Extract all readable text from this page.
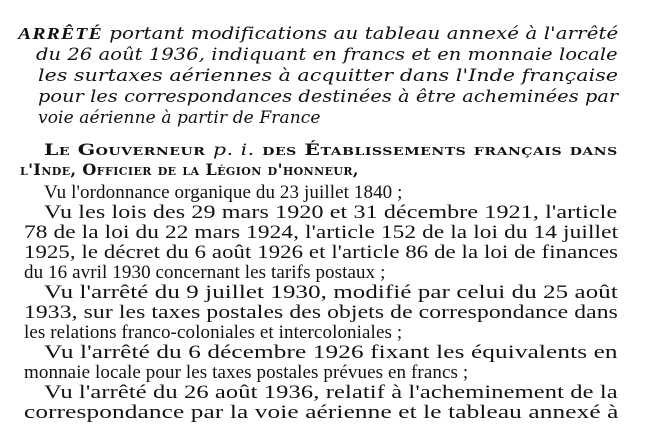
ARRÊTÉ portant modifications au tableau annexé à l'arrêté
du 26 août 1936, indiquant en francs et en monnaie locale
les surtaxes aériennes à acquitter dans l'Inde française
pour les correspondances destinées à être acheminées par
voie aérienne à partir de France
Le Gouverneur p. i. des Établissements français dans
l'Inde, Officier de la Légion d'honneur,
Vu l'ordonnance organique du 23 juillet 1840 ;
Vu les lois des 29 mars 1920 et 31 décembre 1921, l'article
78 de la loi du 22 mars 1924, l'article 152 de la loi du 14 juillet
1925, le décret du 6 août 1926 et l'article 86 de la loi de finances
du 16 avril 1930 concernant les tarifs postaux ;
Vu l'arrêté du 9 juillet 1930, modifié par celui du 25 août
1933, sur les taxes postales des objets de correspondance dans
les relations franco-coloniales et intercoloniales ;
Vu l'arrêté du 6 décembre 1926 fixant les équivalents en
monnaie locale pour les taxes postales prévues en francs ;
Vu l'arrêté du 26 août 1936, relatif à l'acheminement de la
correspondance par la voie aérienne et le tableau annexé à
